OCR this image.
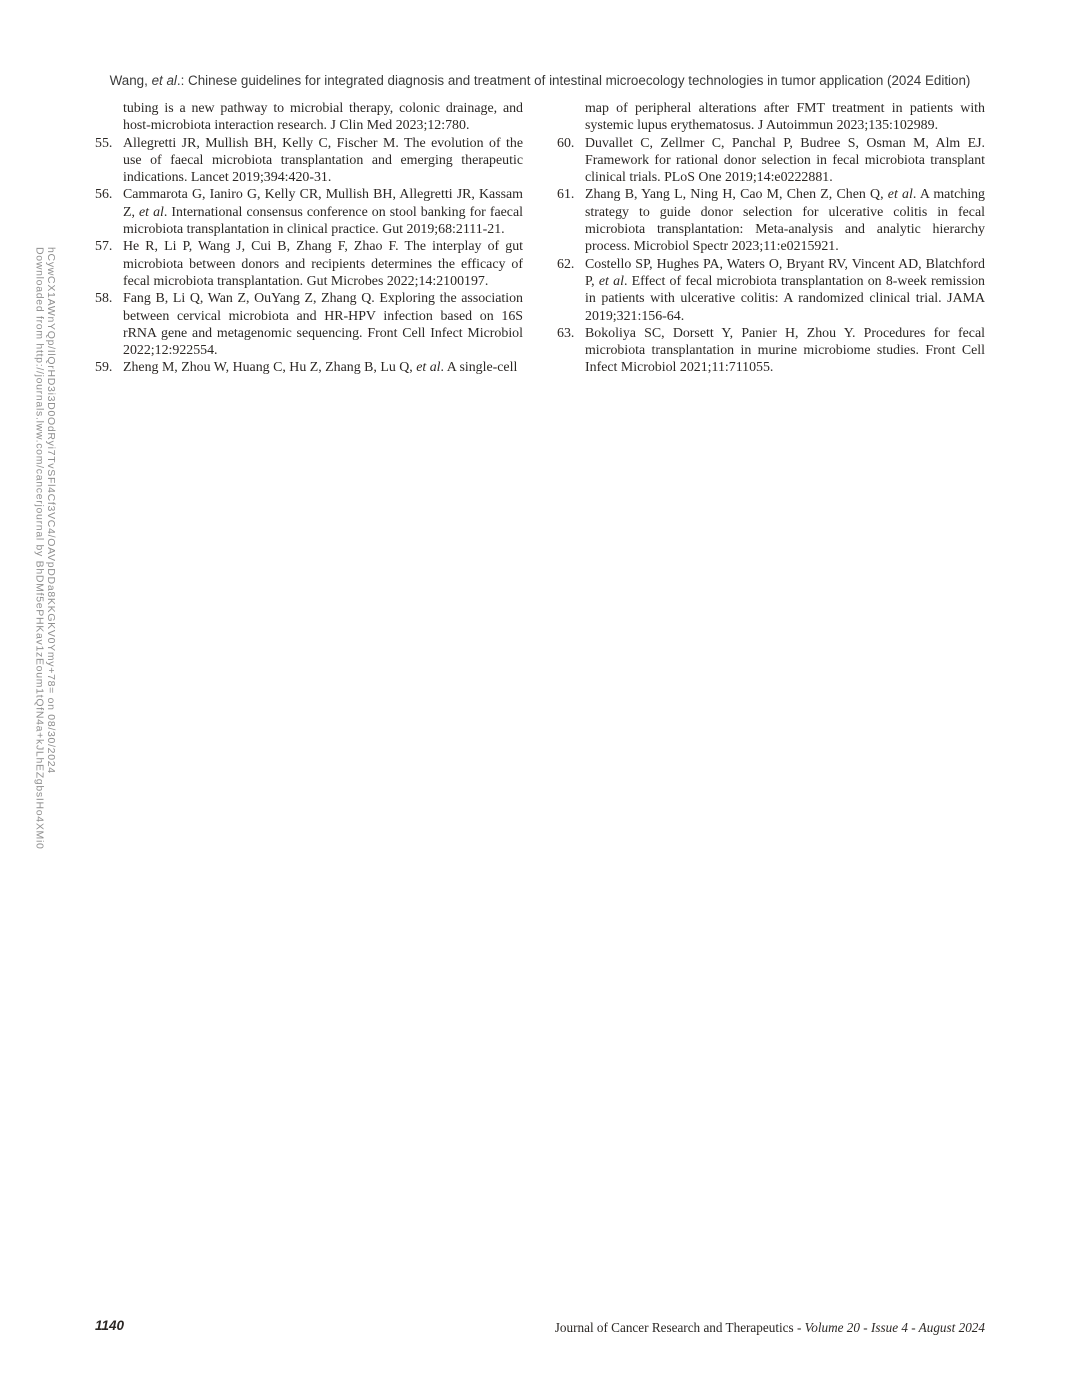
Downloaded from http://journals.lww.com/cancerjournal by BhDMf5ePHKav1zEoum1tQfN4a+kJLhEZgbsIHo4XMi0 hCywCX1AWnYQp/IlQrHD3i3D0OdRyi7TvSFl4Cf3VC4/OAVpDDa8KKGKV0Ymy+78= on 08/30/2024
Wang, et al.: Chinese guidelines for integrated diagnosis and treatment of intestinal microecology technologies in tumor application (2024 Edition)
tubing is a new pathway to microbial therapy, colonic drainage, and host-microbiota interaction research. J Clin Med 2023;12:780.
55. Allegretti JR, Mullish BH, Kelly C, Fischer M. The evolution of the use of faecal microbiota transplantation and emerging therapeutic indications. Lancet 2019;394:420-31.
56. Cammarota G, Ianiro G, Kelly CR, Mullish BH, Allegretti JR, Kassam Z, et al. International consensus conference on stool banking for faecal microbiota transplantation in clinical practice. Gut 2019;68:2111-21.
57. He R, Li P, Wang J, Cui B, Zhang F, Zhao F. The interplay of gut microbiota between donors and recipients determines the efficacy of fecal microbiota transplantation. Gut Microbes 2022;14:2100197.
58. Fang B, Li Q, Wan Z, OuYang Z, Zhang Q. Exploring the association between cervical microbiota and HR-HPV infection based on 16S rRNA gene and metagenomic sequencing. Front Cell Infect Microbiol 2022;12:922554.
59. Zheng M, Zhou W, Huang C, Hu Z, Zhang B, Lu Q, et al. A single-cell
map of peripheral alterations after FMT treatment in patients with systemic lupus erythematosus. J Autoimmun 2023;135:102989.
60. Duvallet C, Zellmer C, Panchal P, Budree S, Osman M, Alm EJ. Framework for rational donor selection in fecal microbiota transplant clinical trials. PLoS One 2019;14:e0222881.
61. Zhang B, Yang L, Ning H, Cao M, Chen Z, Chen Q, et al. A matching strategy to guide donor selection for ulcerative colitis in fecal microbiota transplantation: Meta-analysis and analytic hierarchy process. Microbiol Spectr 2023;11:e0215921.
62. Costello SP, Hughes PA, Waters O, Bryant RV, Vincent AD, Blatchford P, et al. Effect of fecal microbiota transplantation on 8-week remission in patients with ulcerative colitis: A randomized clinical trial. JAMA 2019;321:156-64.
63. Bokoliya SC, Dorsett Y, Panier H, Zhou Y. Procedures for fecal microbiota transplantation in murine microbiome studies. Front Cell Infect Microbiol 2021;11:711055.
1140	Journal of Cancer Research and Therapeutics - Volume 20 - Issue 4 - August 2024
